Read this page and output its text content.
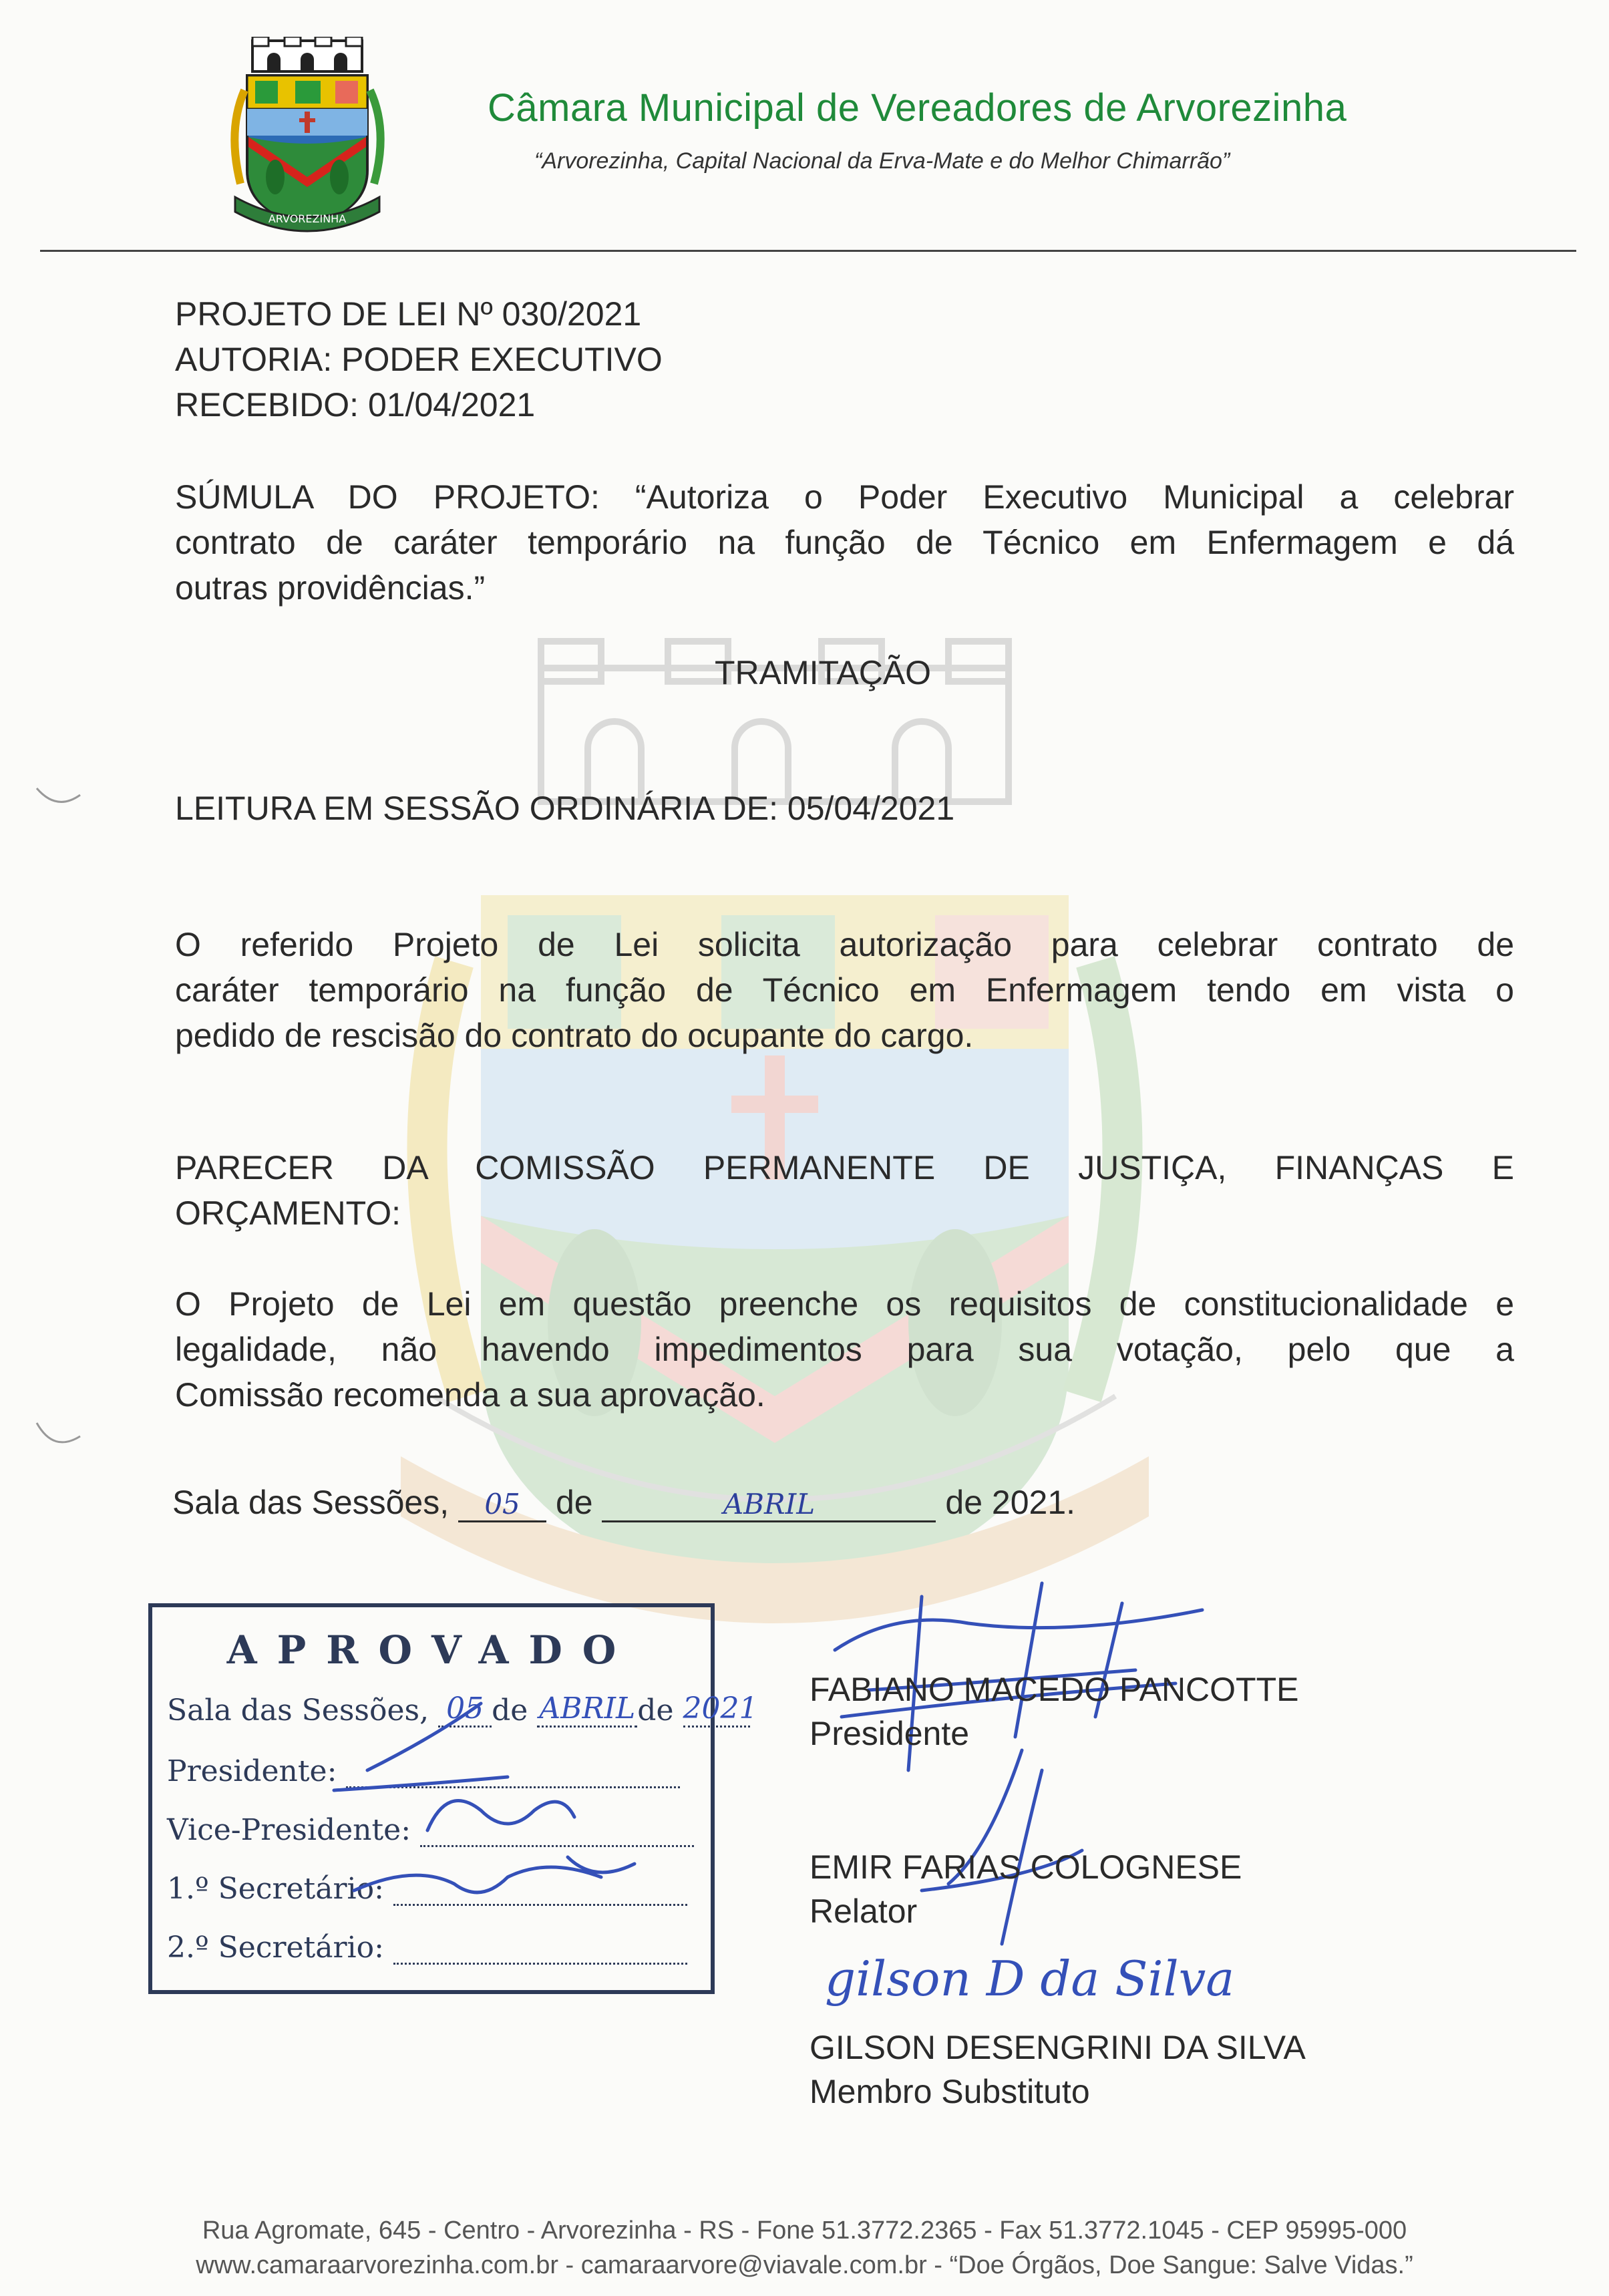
ARVOREZINHA
Câmara Municipal de Vereadores de Arvorezinha
“Arvorezinha, Capital Nacional da Erva-Mate e do Melhor Chimarrão”
PROJETO DE LEI Nº 030/2021
AUTORIA: PODER EXECUTIVO
RECEBIDO: 01/04/2021
SÚMULA DO PROJETO: “Autoriza o Poder Executivo Municipal a celebrar
contrato de caráter temporário na função de Técnico em Enfermagem e dá
outras providências.”
TRAMITAÇÃO
LEITURA EM SESSÃO ORDINÁRIA DE: 05/04/2021
O referido Projeto de Lei solicita autorização para celebrar contrato de
caráter temporário na função de Técnico em Enfermagem tendo em vista o
pedido de rescisão do contrato do ocupante do cargo.
PARECER DA COMISSÃO PERMANENTE DE JUSTIÇA, FINANÇAS E
ORÇAMENTO:
O Projeto de Lei em questão preenche os requisitos de constitucionalidade e
legalidade, não havendo impedimentos para sua votação, pelo que a
Comissão recomenda a sua aprovação.
Sala das Sessões, 05 de	ABRIL	de 2021.
APROVADO
Sala das Sessões, 05 de ABRILde 2021
Presidente:
Vice-Presidente:
1.º Secretário:
2.º Secretário:
FABIANO MACEDO PANCOTTE
Presidente
EMIR FARIAS COLOGNESE
Relator
gilson D da Silva
GILSON DESENGRINI DA SILVA
Membro Substituto
Rua Agromate, 645 - Centro - Arvorezinha - RS - Fone 51.3772.2365 - Fax 51.3772.1045 - CEP 95995-000
www.camaraarvorezinha.com.br - camaraarvore@viavale.com.br - “Doe Órgãos, Doe Sangue: Salve Vidas.”
